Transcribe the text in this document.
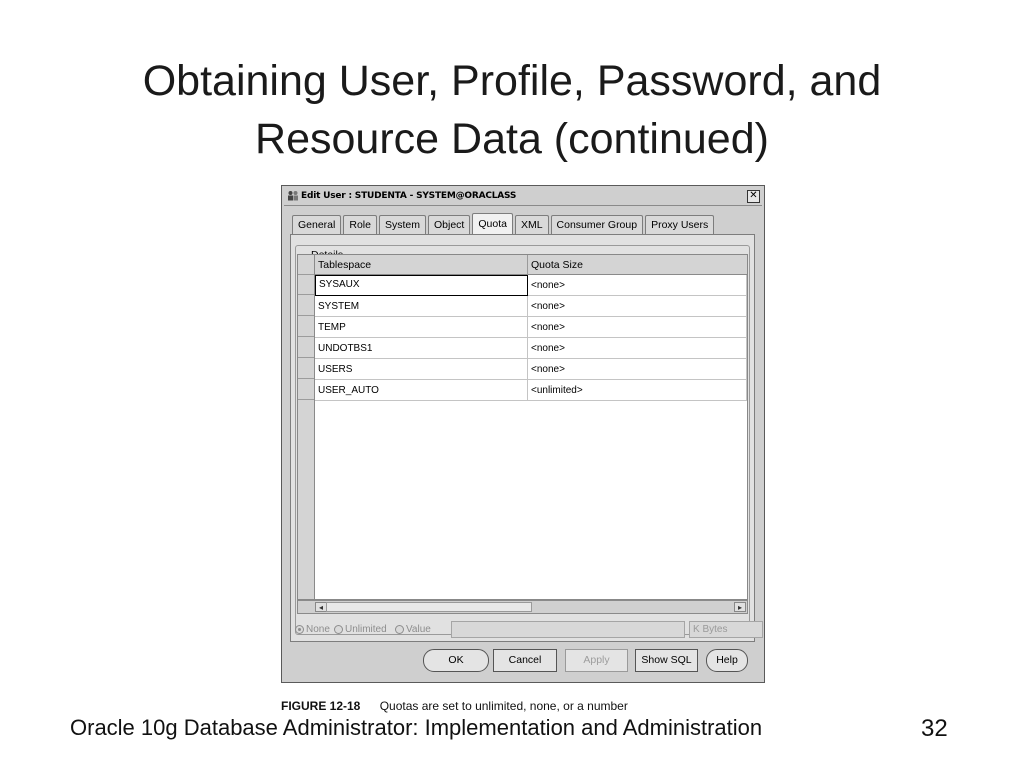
Obtaining User, Profile, Password, and
Resource Data (continued)
Edit User : STUDENTA - SYSTEM@ORACLASS	✕
General	Role	System	Object	Quota	XML	Consumer Group	Proxy Users
Tablespace	Quota Size
SYSAUX	<none>
SYSTEM	<none>
TEMP	<none>
UNDOTBS1	<none>
USERS	<none>
USER_AUTO	<unlimited>
◂	▸
None Unlimited Value	K Bytes
OK	Cancel	Apply	Show SQL	Help
FIGURE 12-18 Quotas are set to unlimited, none, or a number
Oracle 10g Database Administrator: Implementation and Administration	32
